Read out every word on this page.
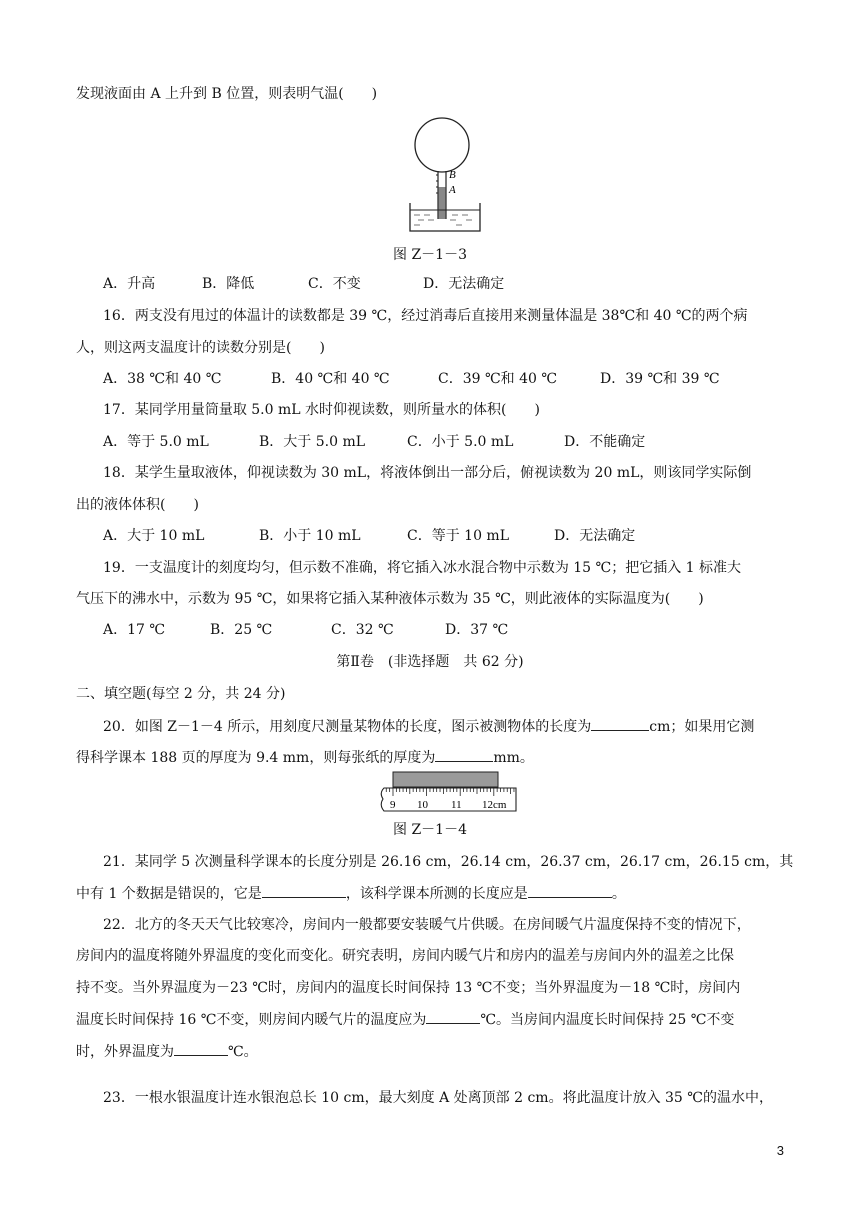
发现液面由 A 上升到 B 位置，则表明气温(　　)
B
A
图 Z－1－3
A．升高	B．降低	C．不变	D．无法确定
16．两支没有甩过的体温计的读数都是 39 ℃，经过消毒后直接用来测量体温是 38℃和 40 ℃的两个病
人，则这两支温度计的读数分别是(　　)
A．38 ℃和 40 ℃	B．40 ℃和 40 ℃	C．39 ℃和 40 ℃	D．39 ℃和 39 ℃
17．某同学用量筒量取 5.0 mL 水时仰视读数，则所量水的体积(　　)
A．等于 5.0 mL	B．大于 5.0 mL	C．小于 5.0 mL	D．不能确定
18．某学生量取液体，仰视读数为 30 mL，将液体倒出一部分后，俯视读数为 20 mL，则该同学实际倒
出的液体体积(　　)
A．大于 10 mL	B．小于 10 mL	C．等于 10 mL	D．无法确定
19．一支温度计的刻度均匀，但示数不准确，将它插入冰水混合物中示数为 15 ℃；把它插入 1 标准大
气压下的沸水中，示数为 95 ℃，如果将它插入某种液体示数为 35 ℃，则此液体的实际温度为(　　)
A．17 ℃	B．25 ℃	C．32 ℃	D．37 ℃
第Ⅱ卷　(非选择题　共 62 分)
二、填空题(每空 2 分，共 24 分)
20．如图 Z－1－4 所示，用刻度尺测量某物体的长度，图示被测物体的长度为	cm；如果用它测
得科学课本 188 页的厚度为 9.4 mm，则每张纸的厚度为	mm。
9 10 11 12cm
图 Z－1－4
21．某同学 5 次测量科学课本的长度分别是 26.16 cm，26.14 cm，26.37 cm，26.17 cm，26.15 cm，其
中有 1 个数据是错误的，它是	，该科学课本所测的长度应是	。
22．北方的冬天天气比较寒冷，房间内一般都要安装暖气片供暖。在房间暖气片温度保持不变的情况下，
房间内的温度将随外界温度的变化而变化。研究表明，房间内暖气片和房内的温差与房间内外的温差之比保
持不变。当外界温度为－23 ℃时，房间内的温度长时间保持 13 ℃不变；当外界温度为－18 ℃时，房间内
温度长时间保持 16 ℃不变，则房间内暖气片的温度应为	℃。当房间内温度长时间保持 25 ℃不变
时，外界温度为	℃。
23．一根水银温度计连水银泡总长 10 cm，最大刻度 A 处离顶部 2 cm。将此温度计放入 35 ℃的温水中，
3
